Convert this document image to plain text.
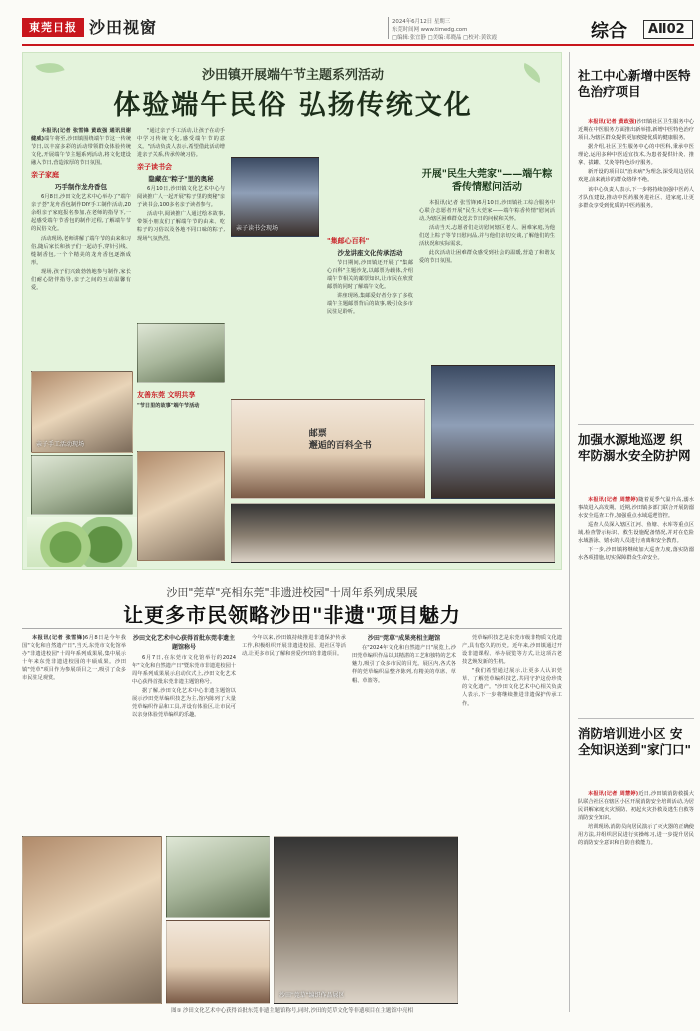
東莞日报 沙田视窗	2024年6月12日 星期三
东莞时间网 www.timedg.com
□编辑:张宜静 □美编:邓晓晶 □校对:黄钦霞	综合	AⅡ02
沙田镇开展端午节主题系列活动
体验端午民俗 弘扬传统文化

本报讯(记者 张雪锋 黄政强 通讯员谢健威)端午将至,沙田镇围绕端午节这一传统节日,以丰富多彩的活动带领群众体验传统文化,开展端午节主题系列活动,将文化建设融入节日,营造浓厚的节日氛围。

亲子家庭

巧手制作龙舟香包

6月8日,沙田文化艺术中心举办了"端午亲子荟"龙舟香包制作DIY手工制作活动,20余组亲子家庭报名参加,在老师的指导下,一起感受端午节香包的制作过程,了解端午节的民俗文化。

活动现场,老师讲解了端午节的由来和习俗,随后家长和孩子们一起动手,穿针引线、缝制香包,一个个精美的龙舟香包逐渐成形。

现场,孩子们兴致勃勃地参与制作,家长们耐心陪伴指导,亲子之间的互动温馨有爱。

"通过亲子手工活动,让孩子在动手中学习传统文化,感受端午节的意义。"活动负责人表示,希望借此活动增进亲子关系,传承传统习俗。

亲子读书会

隐藏在"粽子"里的奥秘

6月10日,沙田镇文化艺术中心与阅读推广人一起开展"粽子里的奥秘"亲子读书会,100多名亲子读者参与。

活动中,阅读推广人通过绘本故事,带领小朋友们了解端午节的由来、吃粽子的习俗以及各地不同口味的粽子,现场气氛热烈。

亲子读书会现场

"集邮心百科"

沙龙讲座文化传承活动

节日期间,沙田镇还开展了"集邮心百科"主题沙龙,以邮票为载体,介绍端午节相关的邮票知识,让市民在欣赏邮票的同时了解端午文化。

讲座现场,集邮爱好者分享了多枚端午主题邮票背后的故事,吸引众多市民驻足聆听。

开展"民生大莞家"——端午粽香传情慰问活动

本报讯(记者 张雪锋)6月10日,沙田镇社工综合服务中心联合志愿者开展"民生大莞家——端午粽香传情"慰问活动,为辖区困难群众送去节日的问候和关怀。

活动当天,志愿者们走访慰问辖区老人、困难家庭,为他们送上粽子等节日慰问品,并与他们亲切交谈,了解他们的生活状况和实际需求。

此次活动让困难群众感受到社会的温暖,营造了和谐友爱的节日氛围。

亲子手工活动现场

友善东莞 文明共享

"节日里的故事"端午节活动

邮票
邂逅的百科全书
沙田"莞草"亮相东莞"非遗进校园"十周年系列成果展
让更多市民领略沙田"非遗"项目魅力

本报讯(记者 张雪锋)6月8日是今年我国"文化和自然遗产日",当天,东莞市文化馆举办"非遗进校园"十周年系列成果展,集中展示十年来东莞非遗进校园的丰硕成果。沙田镇"莞草"项目作为参展项目之一,吸引了众多市民驻足观赏。

沙田文化艺术中心获得首批东莞非遗主题馆称号

6月7日,在东莞市文化馆举行的2024年"文化和自然遗产日"暨东莞市非遗进校园十周年系列成果展示启动仪式上,沙田文化艺术中心获得首批东莞非遗主题馆称号。

据了解,沙田文化艺术中心非遗主题馆以展示沙田莞草编织技艺为主,馆内陈列了大量莞草编织作品和工具,并设有体验区,让市民可以亲身体验莞草编织的乐趣。

今年以来,沙田镇持续推进非遗保护传承工作,积极组织开展非遗进校园、进社区等活动,让更多市民了解和喜爱沙田的非遗项目。

沙田"莞草"成果亮相主题馆

在"2024年文化和自然遗产日"展览上,沙田莞草编织作品以其精湛的工艺和独特的艺术魅力,吸引了众多市民的目光。展区内,各式各样的莞草编织品整齐陈列,有精美的草席、草帽、草篮等。

莞草编织技艺是东莞市级非物质文化遗产,具有悠久的历史。近年来,沙田镇通过开设非遗课程、举办展览等方式,让这项古老技艺焕发新的生机。

"我们希望通过展示,让更多人认识莞草、了解莞草编织技艺,共同守护这份珍贵的文化遗产。"沙田文化艺术中心相关负责人表示,下一步将继续推进非遗保护传承工作。

沙田"莞草"编织作品展区
图① 沙田文化艺术中心获得首批东莞非遗主题馆称号,同时,沙田的莞草文化等非遗项目在主题馆中亮相
社工中心新增中医特色治疗项目

本报讯(记者 黄政强)沙田镇社区卫生服务中心近期在中医服务方面推出新举措,新增中医特色治疗项目,为辖区群众提供更加便捷优质的健康服务。

据介绍,社区卫生服务中心的中医科,秉承中医理论,运用多种中医适宜技术,为患者提供针灸、推拿、拔罐、艾灸等特色诊疗服务。

新开设的项目以"治未病"为理念,深受周边居民欢迎,前来就诊的群众络绎不绝。

该中心负责人表示,下一步将持续加强中医药人才队伍建设,推动中医药服务进社区、进家庭,让更多群众享受到优质的中医药服务。

加强水源地巡逻 织牢防溺水安全防护网

本报讯(记者 周慧婷)随着夏季气温升高,溺水事故进入高发期。近期,沙田镇多部门联合开展防溺水安全巡查工作,加强重点水域巡逻管控。

巡查人员深入辖区江河、鱼塘、水库等重点区域,检查警示标识、救生设施配备情况,并对在危险水域游泳、嬉水的人员进行劝离和安全教育。

下一步,沙田镇将继续加大巡查力度,落实防溺水各项措施,切实保障群众生命安全。

消防培训进小区 安全知识送到"家门口"

本报讯(记者 周慧婷)近日,沙田镇消防救援大队联合社区在辖区小区开展消防安全培训活动,为居民讲解家庭火灾预防、初起火灾扑救及逃生自救等消防安全知识。

培训现场,消防员向居民演示了灭火器的正确使用方法,并组织居民进行实操练习,进一步提升居民的消防安全意识和自防自救能力。
